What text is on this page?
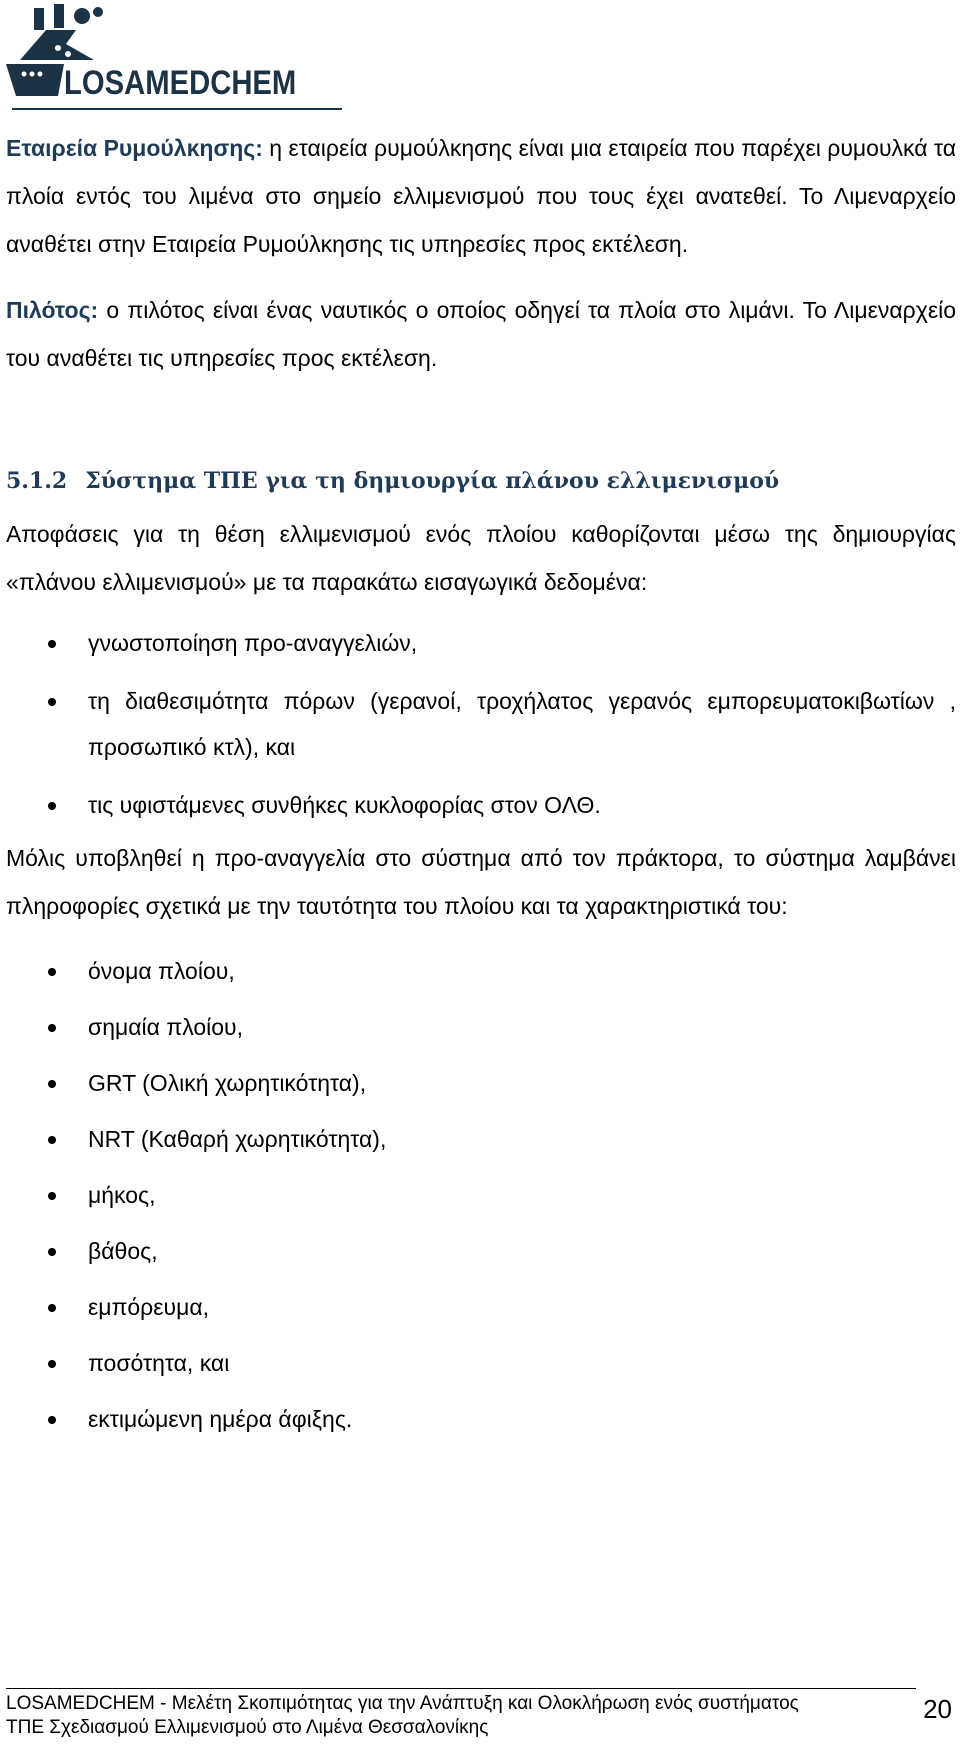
LOSAMEDCHEM

Εταιρεία Ρυμούλκησης: η εταιρεία ρυμούλκησης είναι μια εταιρεία που παρέχει ρυμουλκά τα πλοία εντός του λιμένα στο σημείο ελλιμενισμού που τους έχει ανατεθεί. Το Λιμεναρχείο αναθέτει στην Εταιρεία Ρυμούλκησης τις υπηρεσίες προς εκτέλεση.

Πιλότος: ο πιλότος είναι ένας ναυτικός ο οποίος οδηγεί τα πλοία στο λιμάνι. Το Λιμεναρχείο του αναθέτει τις υπηρεσίες προς εκτέλεση.

5.1.2 Σύστημα ΤΠΕ για τη δημιουργία πλάνου ελλιμενισμού

Αποφάσεις για τη θέση ελλιμενισμού ενός πλοίου καθορίζονται μέσω της δημιουργίας «πλάνου ελλιμενισμού» με τα παρακάτω εισαγωγικά δεδομένα:

γνωστοποίηση προ-αναγγελιών,
τη διαθεσιμότητα πόρων (γερανοί, τροχήλατος γερανός εμπορευματοκιβωτίων , προσωπικό κτλ), και
τις υφιστάμενες συνθήκες κυκλοφορίας στον ΟΛΘ.

Μόλις υποβληθεί η προ-αναγγελία στο σύστημα από τον πράκτορα, το σύστημα λαμβάνει πληροφορίες σχετικά με την ταυτότητα του πλοίου και τα χαρακτηριστικά του:

όνομα πλοίου,
σημαία πλοίου,
GRT (Ολική χωρητικότητα),
NRT (Καθαρή χωρητικότητα),
μήκος,
βάθος,
εμπόρευμα,
ποσότητα, και
εκτιμώμενη ημέρα άφιξης.
LOSAMEDCHEM - Μελέτη Σκοπιμότητας για την Ανάπτυξη και Ολοκλήρωση ενός συστήματος
ΤΠΕ Σχεδιασμού Ελλιμενισμού στο Λιμένα Θεσσαλονίκης
20
